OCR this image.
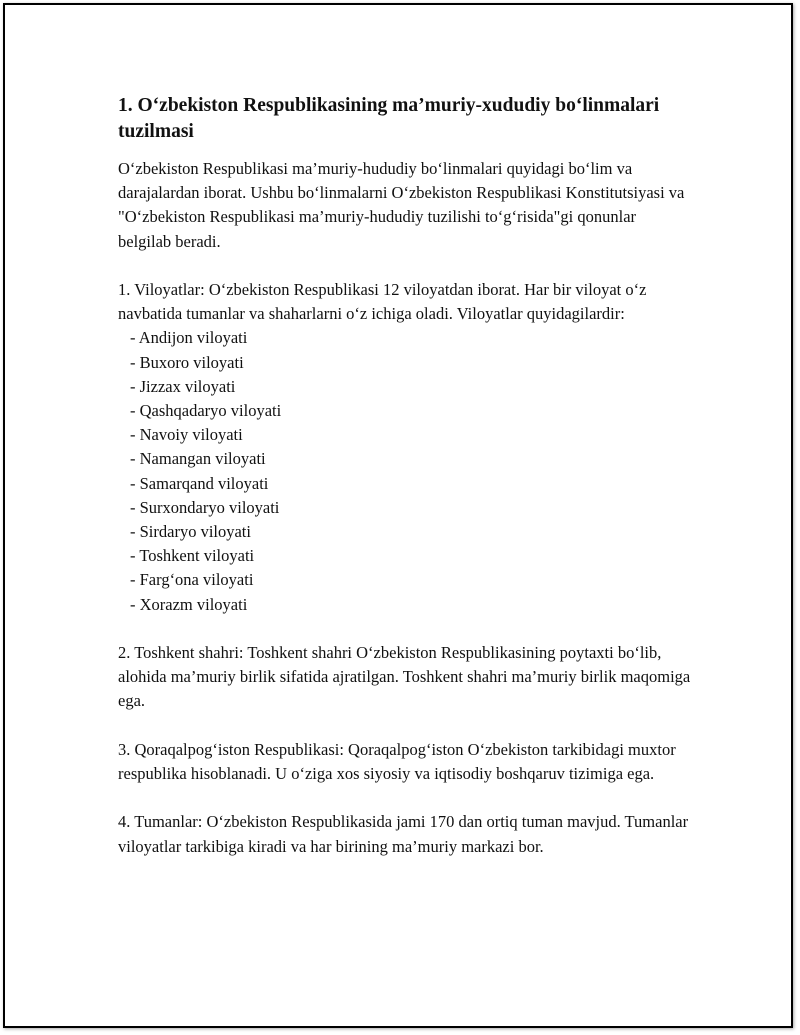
1. O‘zbekiston Respublikasining ma’muriy-xududiy bo‘linmalari tuzilmasi

O‘zbekiston Respublikasi ma’muriy-hududiy bo‘linmalari quyidagi bo‘lim va darajalardan iborat. Ushbu bo‘linmalarni O‘zbekiston Respublikasi Konstitutsiyasi va "O‘zbekiston Respublikasi ma’muriy-hududiy tuzilishi to‘g‘risida"gi qonunlar belgilab beradi.

1. Viloyatlar: O‘zbekiston Respublikasi 12 viloyatdan iborat. Har bir viloyat o‘z navbatida tumanlar va shaharlarni o‘z ichiga oladi. Viloyatlar quyidagilardir:

- Andijon viloyati
- Buxoro viloyati
- Jizzax viloyati
- Qashqadaryo viloyati
- Navoiy viloyati
- Namangan viloyati
- Samarqand viloyati
- Surxondaryo viloyati
- Sirdaryo viloyati
- Toshkent viloyati
- Farg‘ona viloyati
- Xorazm viloyati

2. Toshkent shahri: Toshkent shahri O‘zbekiston Respublikasining poytaxti bo‘lib, alohida ma’muriy birlik sifatida ajratilgan. Toshkent shahri ma’muriy birlik maqomiga ega.

3. Qoraqalpog‘iston Respublikasi: Qoraqalpog‘iston O‘zbekiston tarkibidagi muxtor respublika hisoblanadi. U o‘ziga xos siyosiy va iqtisodiy boshqaruv tizimiga ega.

4. Tumanlar: O‘zbekiston Respublikasida jami 170 dan ortiq tuman mavjud. Tumanlar viloyatlar tarkibiga kiradi va har birining ma’muriy markazi bor.
